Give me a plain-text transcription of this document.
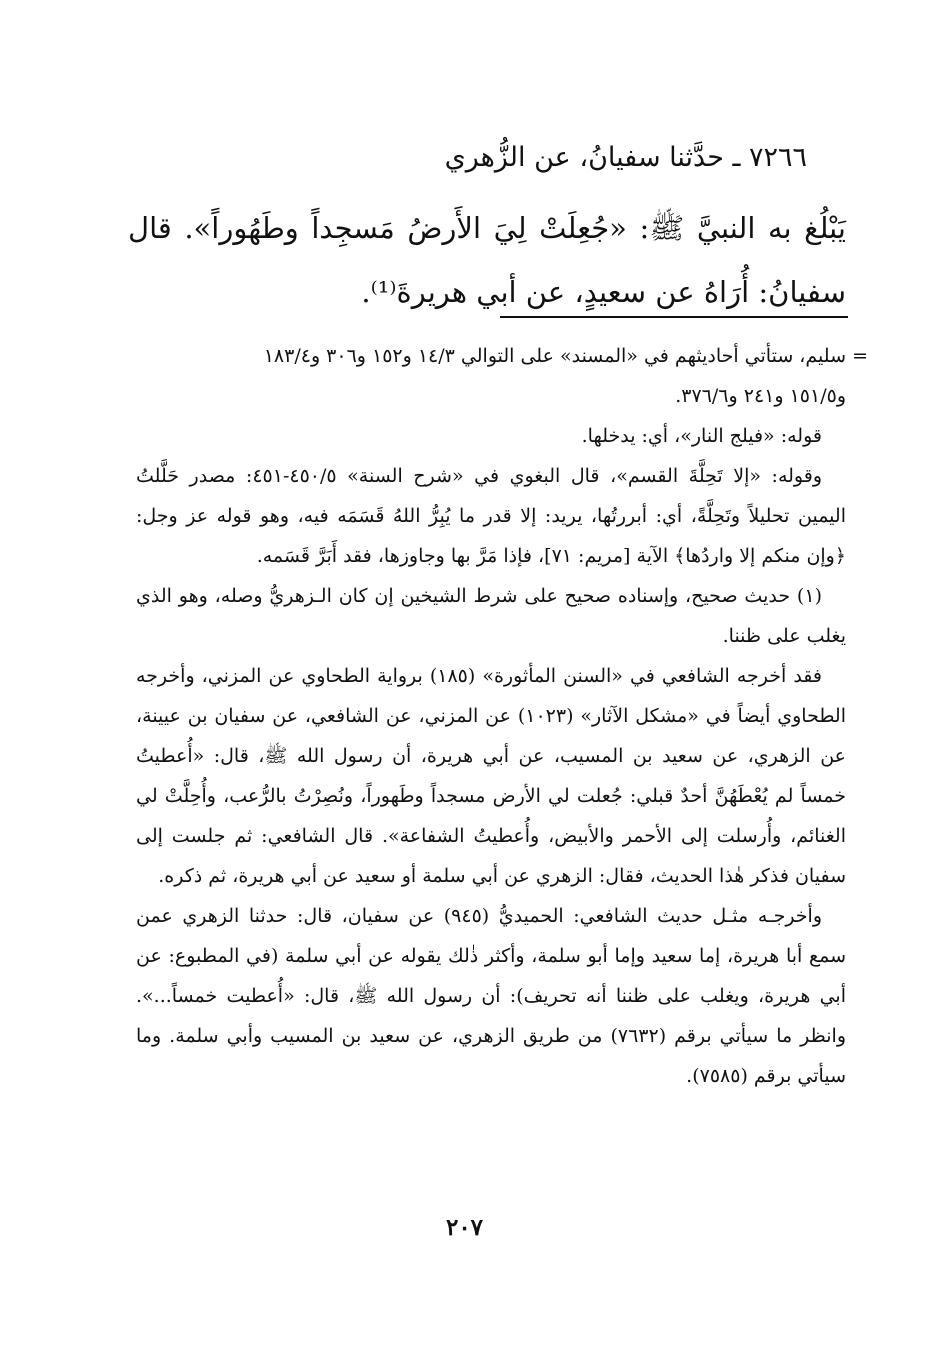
٧٢٦٦ ـ حدَّثنا سفيانُ، عن الزُّهري

يَبْلُغ به النبيَّ ﷺ: «جُعِلَتْ لِيَ الأَرضُ مَسجِداً وطَهُوراً». قال

سفيانُ: أُرَاهُ عن سعيدٍ، عن أبي هريرةَ⁽¹⁾.

=
سليم، ستأتي أحاديثهم في «المسند» على التوالي ١٤/٣ و١٥٢ و٣٠٦ و١٨٣/٤

و١٥١/٥ و٢٤١ و٣٧٦/٦.

قوله: «فيلج النار»، أي: يدخلها.

وقوله: «إلا تَحِلَّةَ القسم»، قال البغوي في «شرح السنة» ٤٥٠/٥-٤٥١: مصدر حَلَّلتُ اليمين تحليلاً وتَحِلَّةً، أي: أبررتُها، يريد: إلا قدر ما يُبِرُّ اللهُ قَسَمَه فيه، وهو قوله عز وجل: ﴿وإن منكم إلا واردُها﴾ الآية [مريم: ٧١]، فإذا مَرَّ بها وجاوزها، فقد أَبَرَّ قَسَمه.

(١) حديث صحيح، وإسناده صحيح على شرط الشيخين إن كان الـزهريُّ وصله، وهو الذي يغلب على ظننا.

فقد أخرجه الشافعي في «السنن المأثورة» (١٨٥) برواية الطحاوي عن المزني، وأخرجه الطحاوي أيضاً في «مشكل الآثار» (١٠٢٣) عن المزني، عن الشافعي، عن سفيان بن عيينة، عن الزهري، عن سعيد بن المسيب، عن أبي هريرة، أن رسول الله ﷺ، قال: «أُعطيتُ خمساً لم يُعْطَهُنَّ أحدٌ قبلي: جُعلت لي الأرض مسجداً وطَهوراً، ونُصِرْتُ بالرُّعب، وأُحِلَّتْ لي الغنائم، وأُرسلت إلى الأحمر والأبيض، وأُعطيتُ الشفاعة». قال الشافعي: ثم جلست إلى سفيان فذكر هٰذا الحديث، فقال: الزهري عن أبي سلمة أو سعيد عن أبي هريرة، ثم ذكره.

وأخرجـه مثـل حديث الشافعي: الحميديُّ (٩٤٥) عن سفيان، قال: حدثنا الزهري عمن سمع أبا هريرة، إما سعيد وإما أبو سلمة، وأكثر ذٰلك يقوله عن أبي سلمة (في المطبوع: عن أبي هريرة، ويغلب على ظننا أنه تحريف): أن رسول الله ﷺ، قال: «أُعطيت خمساً...». وانظر ما سيأتي برقم (٧٦٣٢) من طريق الزهري، عن سعيد بن المسيب وأبي سلمة. وما سيأتي برقم (٧٥٨٥).

٢٠٧
